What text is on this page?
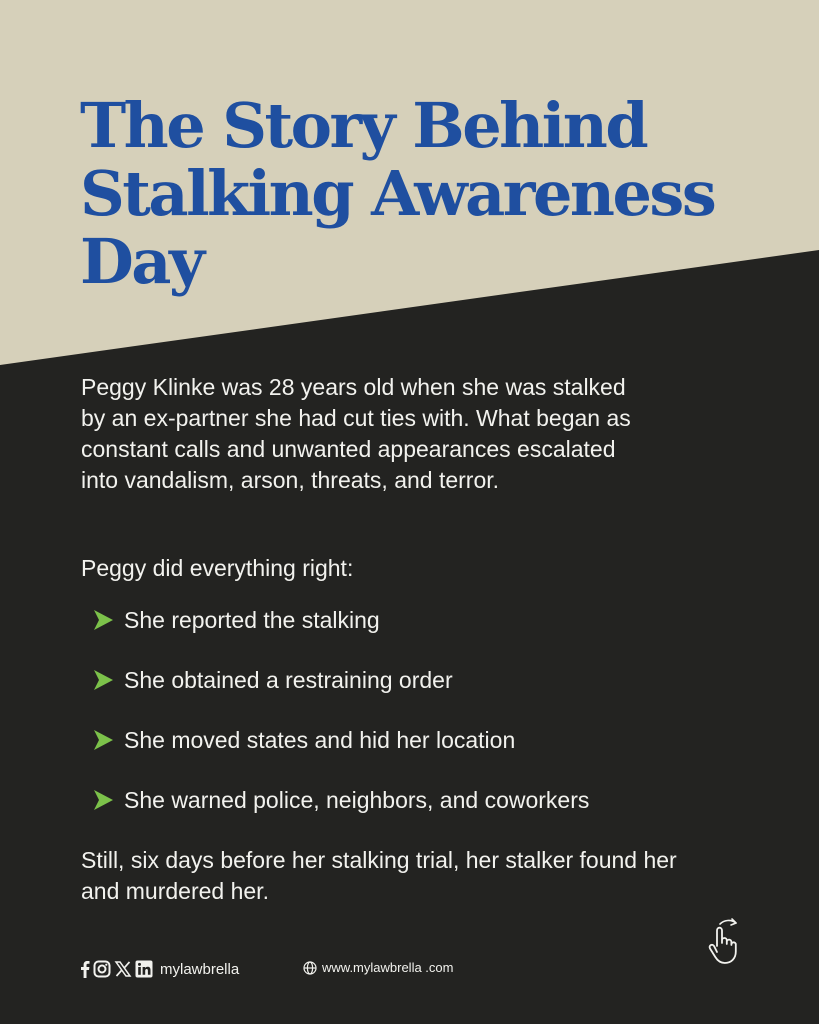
The Story Behind
Stalking Awareness
Day
Peggy Klinke was 28 years old when she was stalked by an ex-partner she had cut ties with. What began as constant calls and unwanted appearances escalated into vandalism, arson, threats, and terror.
Peggy did everything right:
She reported the stalking
She obtained a restraining order
She moved states and hid her location
She warned police, neighbors, and coworkers
Still, six days before her stalking trial, her stalker found her and murdered her.
mylawbrella	www.mylawbrella .com
